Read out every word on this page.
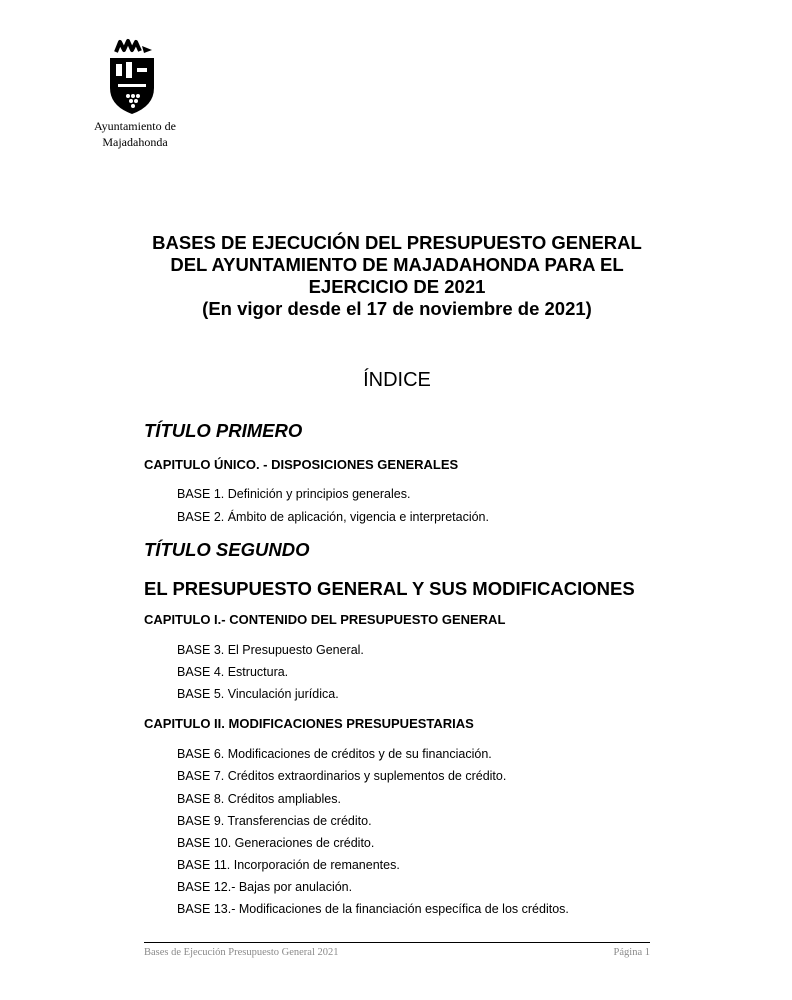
Ayuntamiento de
Majadahonda
BASES DE EJECUCIÓN DEL PRESUPUESTO GENERAL
DEL AYUNTAMIENTO DE MAJADAHONDA PARA EL
EJERCICIO DE 2021
(En vigor desde el 17 de noviembre de 2021)
ÍNDICE
TÍTULO PRIMERO
CAPITULO ÚNICO. - DISPOSICIONES GENERALES
BASE 1. Definición y principios generales.
BASE 2. Ámbito de aplicación, vigencia e interpretación.
TÍTULO SEGUNDO
EL PRESUPUESTO GENERAL Y SUS MODIFICACIONES
CAPITULO I.- CONTENIDO DEL PRESUPUESTO GENERAL
BASE 3. El Presupuesto General.
BASE 4. Estructura.
BASE 5. Vinculación jurídica.
CAPITULO II. MODIFICACIONES PRESUPUESTARIAS
BASE 6. Modificaciones de créditos y de su financiación.
BASE 7. Créditos extraordinarios y suplementos de crédito.
BASE 8. Créditos ampliables.
BASE 9. Transferencias de crédito.
BASE 10. Generaciones de crédito.
BASE 11. Incorporación de remanentes.
BASE 12.- Bajas por anulación.
BASE 13.- Modificaciones de la financiación específica de los créditos.
Bases de Ejecución Presupuesto General 2021	Página 1
